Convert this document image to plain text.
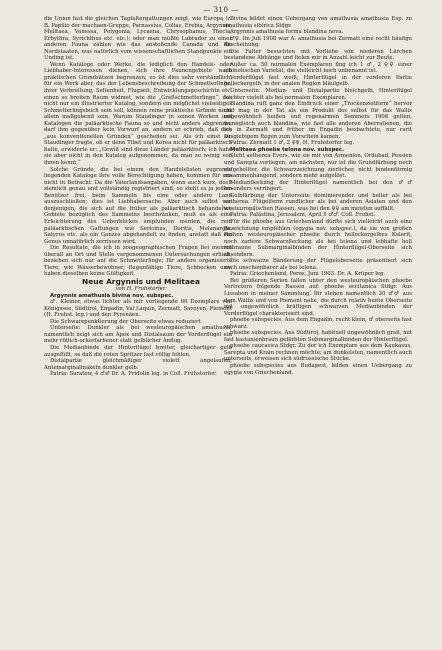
— 310 —

die Union fast die gleichen Tagfaltergattungen zeigt, wie Europa (z. B. Papilio der machaon-Gruppe, Parnassius, Colias, Erebia, Argynnis, Melitaea, Vanessa, Polygonia, Lycaena, Chrysophanus, Thecla, Erbythra, Syrichthus etc. etc.); oder man müßte Labrador zu einer anderen Fauna zählen wie das anstoßende Canada und die Nordstaaten, was natürlich vom wissenschaftlichen Standpunkte ein Unding ist.

Wenn Kataloge oder Werke, die lediglich den Handels- oder Liebhaber-Interessen dienen, sich ihre Faunengebiete nach praktischen Grundsätzen begrenzen, so ist dies sehr verständlich; für ein Werk aber, das der Lebensbeschreibung der Schmetterlinge, ihrer Verbreitung, Seltenheit, Flugzeit, Entwicklungsgeschichte etc. einen so breiten Raum widmet, wie die „Großschmetterlinge“, das nicht nur ein illustrierter Katalog, sondern ein möglichst vielseitiges Schmetterlingsbuch sein soll, können reine praktische Gründe nicht allein maßgebend sein. Warum Staudinger in seinen Werken und Katalogen die paläarktische Fauna so und nicht anders abgrenzte, darf ihm gegenüber kein Vorwurf an, andern er schrieb, daß dies „aus konventionellen Gründen“ geschehen sei. Als ich einst Dr. Staudinger fragte, ob er denn Tibet und Korea nicht für paläarktisch halte, erwiderte er: „Gewiß sind diese Länder paläarktisch; ich habe sie aber nicht in den Katalog aufgenommen, da man zu wenig von ihnen kennt.“

Solche Gründe, die bei einem den Handelslisten zugrunde liegenden Kataloge ihre volle Berechtigung haben, kommen für uns nicht in Betracht. Da die Vaterlandsangaben, wenn auch kurz, doch ziemlich genau und vollständig registriert sind, so steht es ja jedem Benützer frei, beim Sammeln bis eine oder andere Land auszuschließen; dies ist Liebhabersache. Aber auch selbst von denjenigen, die sich auf die früher als paläarktisch behandelten Gebiete bezüglich des Sammelns beschränken, muß es als eine Erleichterung des Ueberblickes empfunden werden, die rein paläarktischen Gattungen wie Sericinus, Doritis, Melanargia, Satyrus etc. als ein Ganzes abgehandelt zu finden, anstatt daß ein Genus unnatürlich zerrissen wird.

Die Resultate, die ich in zoogeographischen Fragen bei meinen überall an Ort und Stelle vorgenommenen Untersuchungen erhielt, beziehen sich nur auf die Schmetterlinge; für andere organisierte Tiere, wie Wasserbewohner, flugunfähige Tiere, Schnecken usw. haben dieselben keine Gültigkeit.

Neue Argynnis und Melitaea

von H. Fruhstorfer.

Argynnis amathusia bivina nov. subspec.

♂. Kleiner, etwas lichter als mir vorliegende 60 Exemplare von Königssee, Südtirol, Engadin, Val Laquin, Zermatt, Savoyen, Piemont (H. Fruhst. leg.) und den Pyrenäen.

Die Schwarzpunktierung der Oberseite etwas reduziert.

Unterseite: Dunkler als bei westeuropäischen amathusia, namentlich zeigt sich am Apex und Distalsaum der Vorderflügel ein mehr rötlich-ockerfarbener statt gelblicher Anflug.

Die Medianbinde der Hinterflügel breiter, gleichartiger gelb ausgefüllt, so daß die roten Spritzer fast völlig fehlen.

Distalpartie gleichmäßiger violett angelaufen, Antemarginalmakeln dunkler gelb.

Patria: Saratow, 4 ♂♂ Dr. A. Fridolin leg. in Coll. Fruhstorfer.

Bivina bildet einen Uebergang von amathusia amathusia Esp. zu amathusia sibirica Stdgr.

Argynnis amathusia forma blandina nova.

♂♀. Im Juli 1908 war A. amathusia bei Zermatt eine recht häufige Erscheinung.

Die Falter besuchten mit Vorliebe von niederen Lärchen bestandene Abhänge und fielen mir in Anzahl leicht zur Beute.

Außer ca. 50 normalen Exemplaren fing ich 1 ♂, 2 ♀♀ einer albinotischen Varietät, die vielleicht noch unbenannt ist.

Vorderflügel fast weiß, Hinterflügel in der vorderen Partie hellockergelb, in der analen Region bläulgelb.

Unterseite: Median- und Distalpartie bleichgelb, Hinterflügel leichter violett als bei normalen Exemplaren.

Blandina ruft ganz den Eindruck einer „Trockenzeitform“ hervor und mag in der Tat als ein Produkt des selbst für das Wallis ungewöhnlich heißen und regenarmen Sommers 1908 gelten, wenngleich auch blandina, wie fast alle anderen Aberrationen, die ich in Zermatt und früher im Engadin beobachtete, nur rarit ausgiebigem Regen zum Vorschein kamen.

Patria: Zermatt 1 ♂, 2 ♀♀, H. Fruhstorfer leg.

Melitaea phoebe telona nov. subspec.

Steht aetherea Evers. wie sie mir von Armenien, Ordubad, Pessien und Sarepta vorliegen, am nächsten, nur ist die Grundfärbung noch aufgehellter, die Schwarzzeichnung zierlicher, nicht bindenförmig zusammenhängend, sondern mehr aufgelöst.

Medianfleckung der Hinterflügel namentlich bei den ♂♂ besonders verringert.

Gelbfärbung der Unterseite dominierender und heller als bei aetherea. Flügelform rundlicher als bei anderen Asiaten und den westeuropäischen Rassen, was bei den ♀♀ am meisten auffällt.

Patria: Palästina, Jerusalem, April 5 ♂♂. Coll. Fruhst.

Für die phoebe aus Griechenland dürfte sich vielleicht auch eine Bezeichnung empfehlen (ogygia nov. subspec.), da sie von großen Reihen westeuropäischer phoebe durch hellockergelbes Kolorit, noch zartere Schwarzfleckung als bei telona und lebhafte hell rotbraune Submarginalbinden der Hinterflügel-Oberseite sich absondern.

Die schwarze Bänderung der Flügeloberseite präsentiert sich noch unscheinbarer als bei telona.

Patria: Griechenland, Poros, Juni 1903. Dr. A. Krüper leg.

Bei größeren Serien fallen unter den westeuropäischen phoebe Vertretern folgende Rassen auf: phoebe occitanica Stdgr. Aus Lissabon in meiner Sammlung. Ihr stehen namentlich 20 ♂♂ aus dem Wallis und von Piemont nahe, die durch relativ bunte Oberseite mit ungewöhnlich kräftigen schwarzen Medianbinden der Vorderflügel charakterisiert sind.

phoebe subspecies. Aus dem Engadin, recht klein, ♂ oberseits fast schwarz.

phoebe subspecies. Aus Südtirol, habituell ungewöhnlich groß, mit fast kastanienbraun gefärbten Submarginalbinden der Hinterflügel.

phoebe caucasica Stdgr. Zu der ich Exemplare aus dem Kaukasus, Sarepta und Krain rechnen möchte; am dunkelsten, namentlich auch unterseits, erweisen sich südrussische Stücke.

phoebe subspecies aus Budapest, bilden einen Uebergang zu ogygia von Griechenland.
